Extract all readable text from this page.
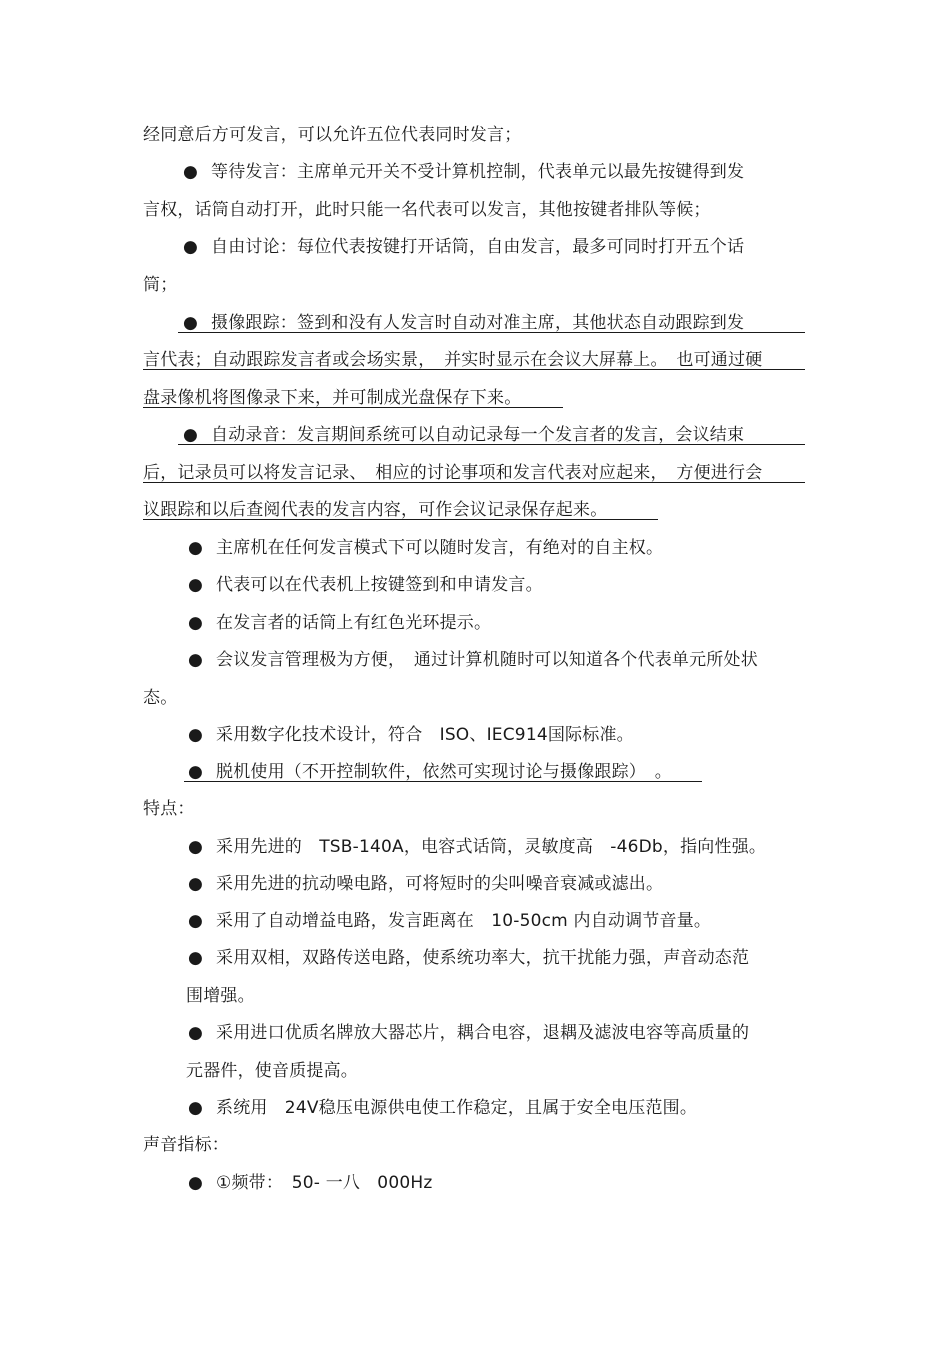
经同意后方可发言，可以允许五位代表同时发言；
● 等待发言：主席单元开关不受计算机控制，代表单元以最先按键得到发
言权，话筒自动打开，此时只能一名代表可以发言，其他按键者排队等候；
● 自由讨论：每位代表按键打开话筒，自由发言，最多可同时打开五个话
筒；
● 摄像跟踪：签到和没有人发言时自动对准主席，其他状态自动跟踪到发
言代表；自动跟踪发言者或会场实景，　并实时显示在会议大屏幕上。　也可通过硬
盘录像机将图像录下来，并可制成光盘保存下来。
● 自动录音：发言期间系统可以自动记录每一个发言者的发言，会议结束
后，记录员可以将发言记录、　相应的讨论事项和发言代表对应起来，　方便进行会
议跟踪和以后查阅代表的发言内容，可作会议记录保存起来。
● 主席机在任何发言模式下可以随时发言，有绝对的自主权。
● 代表可以在代表机上按键签到和申请发言。
● 在发言者的话筒上有红色光环提示。
● 会议发言管理极为方便，　通过计算机随时可以知道各个代表单元所处状
态。
● 采用数字化技术设计，符合　ISO、IEC914国际标准。
● 脱机使用（不开控制软件，依然可实现讨论与摄像跟踪）　。
特点：
● 采用先进的　TSB-140A，电容式话筒，灵敏度高　-46Db，指向性强。
● 采用先进的抗动噪电路，可将短时的尖叫噪音衰减或滤出。
● 采用了自动增益电路，发言距离在　10-50cm 内自动调节音量。
● 采用双相，双路传送电路，使系统功率大，抗干扰能力强，声音动态范
围增强。
● 采用进口优质名牌放大器芯片，耦合电容，退耦及滤波电容等高质量的
元器件，使音质提高。
● 系统用　24V稳压电源供电使工作稳定，且属于安全电压范围。
声音指标：
● ①频带：　50- 一八　000Hz
